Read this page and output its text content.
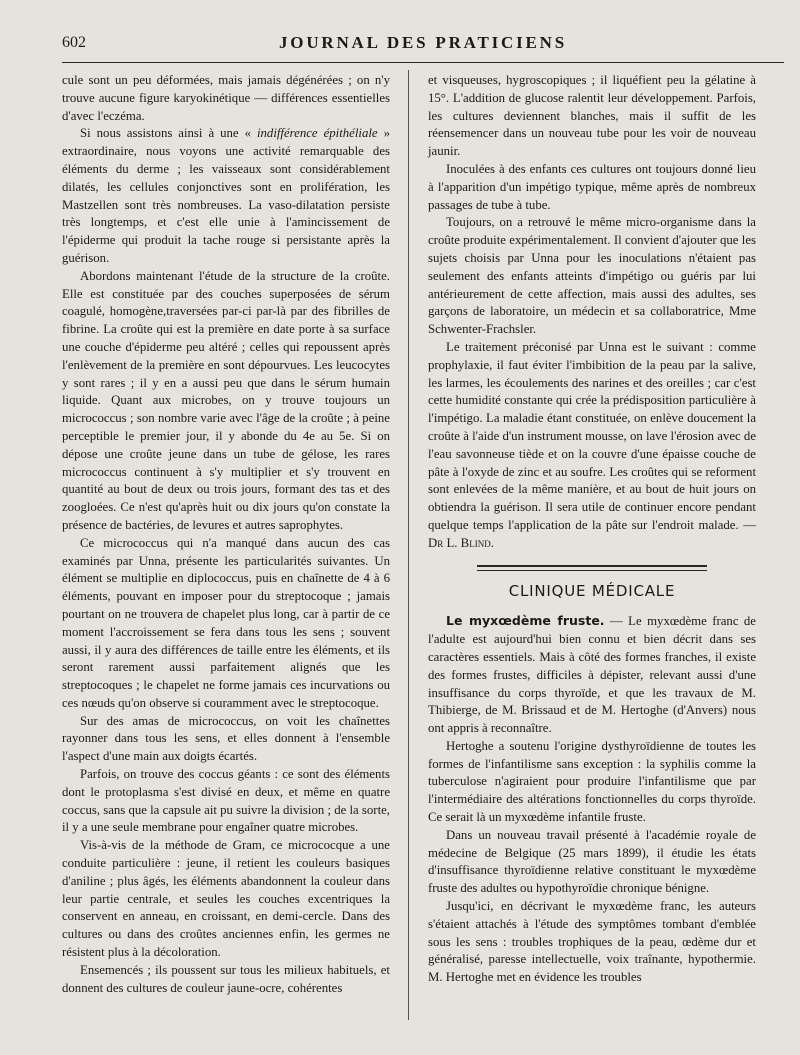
602	JOURNAL DES PRATICIENS

cule sont un peu déformées, mais jamais dégénérées ; on n'y trouve aucune figure karyokinétique — différences essentielles d'avec l'eczéma.

Si nous assistons ainsi à une « indifférence épithéliale » extraordinaire, nous voyons une activité remarquable des éléments du derme ; les vaisseaux sont considérablement dilatés, les cellules conjonctives sont en prolifération, les Mastzellen sont très nombreuses. La vaso-dilatation persiste très longtemps, et c'est elle unie à l'amincissement de l'épiderme qui produit la tache rouge si persistante après la guérison.

Abordons maintenant l'étude de la structure de la croûte. Elle est constituée par des couches superposées de sérum coagulé, homogène,traversées par-ci par-là par des fibrilles de fibrine. La croûte qui est la première en date porte à sa surface une couche d'épiderme peu altéré ; celles qui repoussent après l'enlèvement de la première en sont dépourvues. Les leucocytes y sont rares ; il y en a aussi peu que dans le sérum humain liquide. Quant aux microbes, on y trouve toujours un micrococcus ; son nombre varie avec l'âge de la croûte ; à peine perceptible le premier jour, il y abonde du 4e au 5e. Si on dépose une croûte jeune dans un tube de gélose, les rares micrococcus continuent à s'y multiplier et s'y trouvent en quantité au bout de deux ou trois jours, formant des tas et des zoogloées. Ce n'est qu'après huit ou dix jours qu'on constate la présence de bactéries, de levures et autres saprophytes.

Ce micrococcus qui n'a manqué dans aucun des cas examinés par Unna, présente les particularités suivantes. Un élément se multiplie en diplococcus, puis en chaînette de 4 à 6 éléments, pouvant en imposer pour du streptocoque ; jamais pourtant on ne trouvera de chapelet plus long, car à partir de ce moment l'accroissement se fera dans tous les sens ; souvent aussi, il y aura des différences de taille entre les éléments, et ils seront rarement aussi parfaitement alignés que les streptocoques ; le chapelet ne forme jamais ces incurvations ou ces nœuds qu'on observe si couramment avec le streptocoque.

Sur des amas de micrococcus, on voit les chaînettes rayonner dans tous les sens, et elles donnent à l'ensemble l'aspect d'une main aux doigts écartés.

Parfois, on trouve des coccus géants : ce sont des éléments dont le protoplasma s'est divisé en deux, et même en quatre coccus, sans que la capsule ait pu suivre la division ; de la sorte, il y a une seule membrane pour engaîner quatre microbes.

Vis-à-vis de la méthode de Gram, ce micrococque a une conduite particulière : jeune, il retient les couleurs basiques d'aniline ; plus âgés, les éléments abandonnent la couleur dans leur partie centrale, et seules les couches excentriques la conservent en anneau, en croissant, en demi-cercle. Dans des cultures ou dans des croûtes anciennes enfin, les germes ne résistent plus à la décoloration.

Ensemencés ; ils poussent sur tous les milieux habituels, et donnent des cultures de couleur jaune-ocre, cohérentes

et visqueuses, hygroscopiques ; il liquéfient peu la gélatine à 15°. L'addition de glucose ralentit leur développement. Parfois, les cultures deviennent blanches, mais il suffit de les réensemencer dans un nouveau tube pour les voir de nouveau jaunir.

Inoculées à des enfants ces cultures ont toujours donné lieu à l'apparition d'un impétigo typique, même après de nombreux passages de tube à tube.

Toujours, on a retrouvé le même micro-organisme dans la croûte produite expérimentalement. Il convient d'ajouter que les sujets choisis par Unna pour les inoculations n'étaient pas seulement des enfants atteints d'impétigo ou guéris par lui antérieurement de cette affection, mais aussi des adultes, ses garçons de laboratoire, un médecin et sa collaboratrice, Mme Schwenter-Frachsler.

Le traitement préconisé par Unna est le suivant : comme prophylaxie, il faut éviter l'imbibition de la peau par la salive, les larmes, les écoulements des narines et des oreilles ; car c'est cette humidité constante qui crée la prédisposition particulière à l'impétigo. La maladie étant constituée, on enlève doucement la croûte à l'aide d'un instrument mousse, on lave l'érosion avec de l'eau savonneuse tiède et on la couvre d'une épaisse couche de pâte à l'oxyde de zinc et au soufre. Les croûtes qui se reforment sont enlevées de la même manière, et au bout de huit jours on obtiendra la guérison. Il sera utile de continuer encore pendant quelque temps l'application de la pâte sur l'endroit malade. — Dr L. Blind.

CLINIQUE MÉDICALE

Le myxœdème fruste. — Le myxœdème franc de l'adulte est aujourd'hui bien connu et bien décrit dans ses caractères essentiels. Mais à côté des formes franches, il existe des formes frustes, difficiles à dépister, relevant aussi d'une insuffisance du corps thyroïde, et que les travaux de M. Thibierge, de M. Brissaud et de M. Hertoghe (d'Anvers) nous ont appris à reconnaître.

Hertoghe a soutenu l'origine dysthyroïdienne de toutes les formes de l'infantilisme sans exception : la syphilis comme la tuberculose n'agiraient pour produire l'infantilisme que par l'intermédiaire des altérations fonctionnelles du corps thyroïde. Ce serait là un myxœdème infantile fruste.

Dans un nouveau travail présenté à l'académie royale de médecine de Belgique (25 mars 1899), il étudie les états d'insuffisance thyroïdienne relative constituant le myxœdème fruste des adultes ou hypothyroïdie chronique bénigne.

Jusqu'ici, en décrivant le myxœdème franc, les auteurs s'étaient attachés à l'étude des symptômes tombant d'emblée sous les sens : troubles trophiques de la peau, œdème dur et généralisé, paresse intellectuelle, voix traînante, hypothermie. M. Hertoghe met en évidence les troubles
